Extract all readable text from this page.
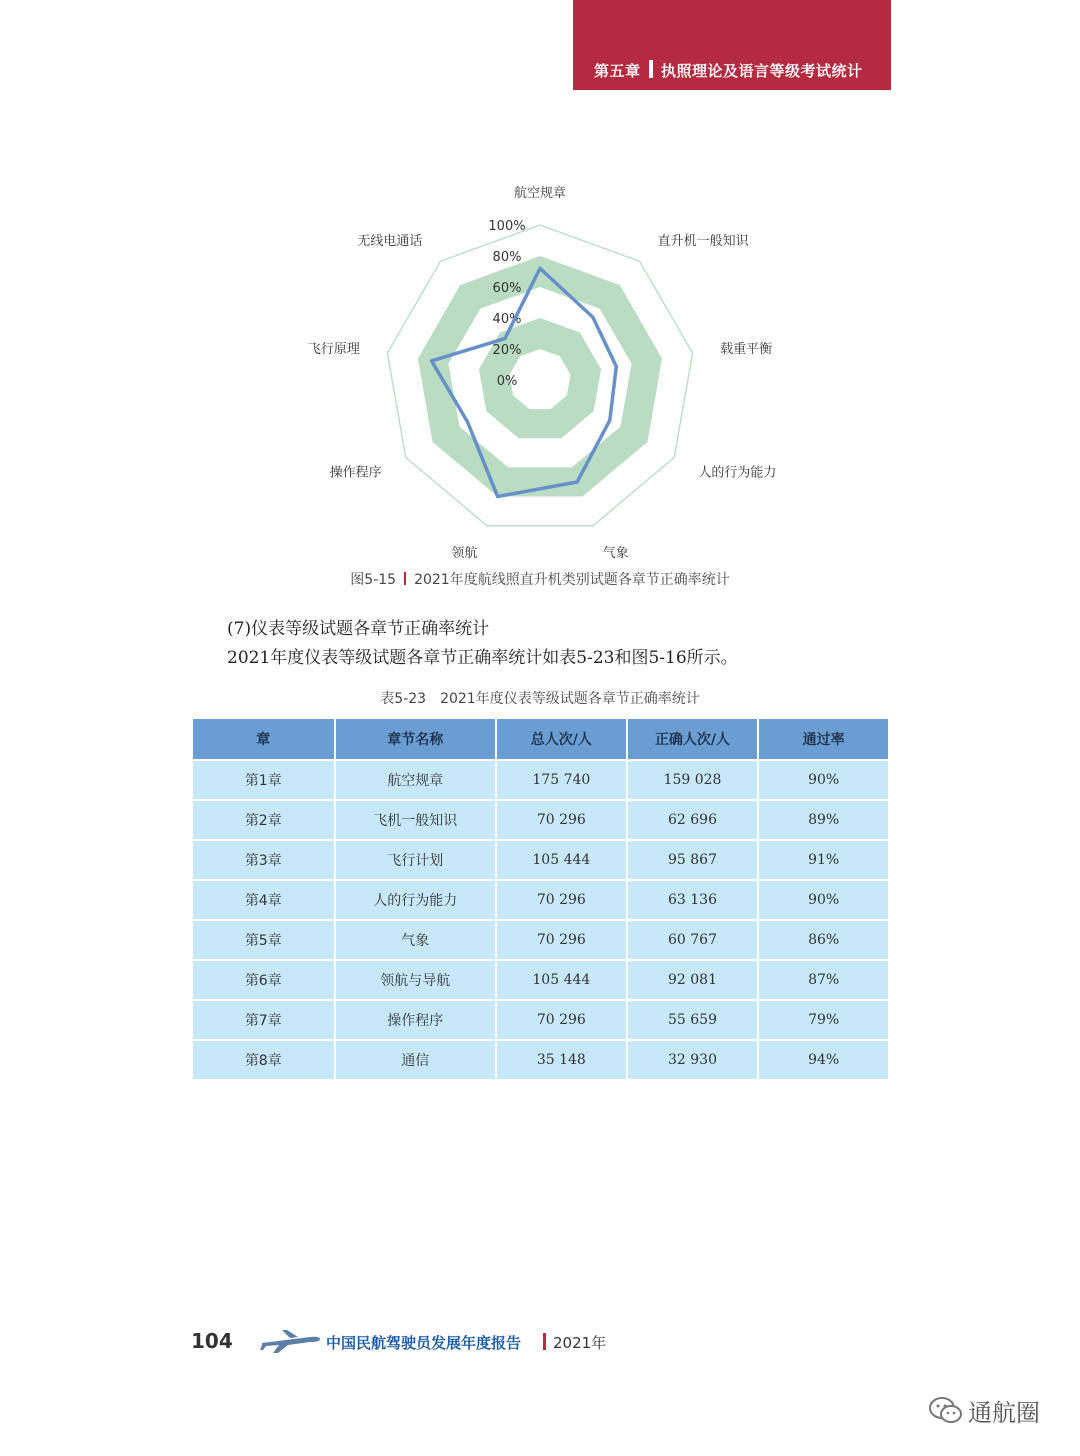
第五章 执照理论及语言等级考试统计
0%
20%
40%
60%
80%
100%
航空规章
直升机一般知识
载重平衡
人的行为能力
气象
领航
操作程序
飞行原理
无线电通话
图5-15 2021年度航线照直升机类别试题各章节正确率统计
(7)仪表等级试题各章节正确率统计
2021年度仪表等级试题各章节正确率统计如表5-23和图5-16所示。
表5-23　2021年度仪表等级试题各章节正确率统计
章	章节名称	总人次/人	正确人次/人	通过率
第1章	航空规章	175 740	159 028	90%
第2章	飞机一般知识	70 296	62 696	89%
第3章	飞行计划	105 444	95 867	91%
第4章	人的行为能力	70 296	63 136	90%
第5章	气象	70 296	60 767	86%
第6章	领航与导航	105 444	92 081	87%
第7章	操作程序	70 296	55 659	79%
第8章	通信	35 148	32 930	94%
104	中国民航驾驶员发展年度报告 2021年
通航圈
